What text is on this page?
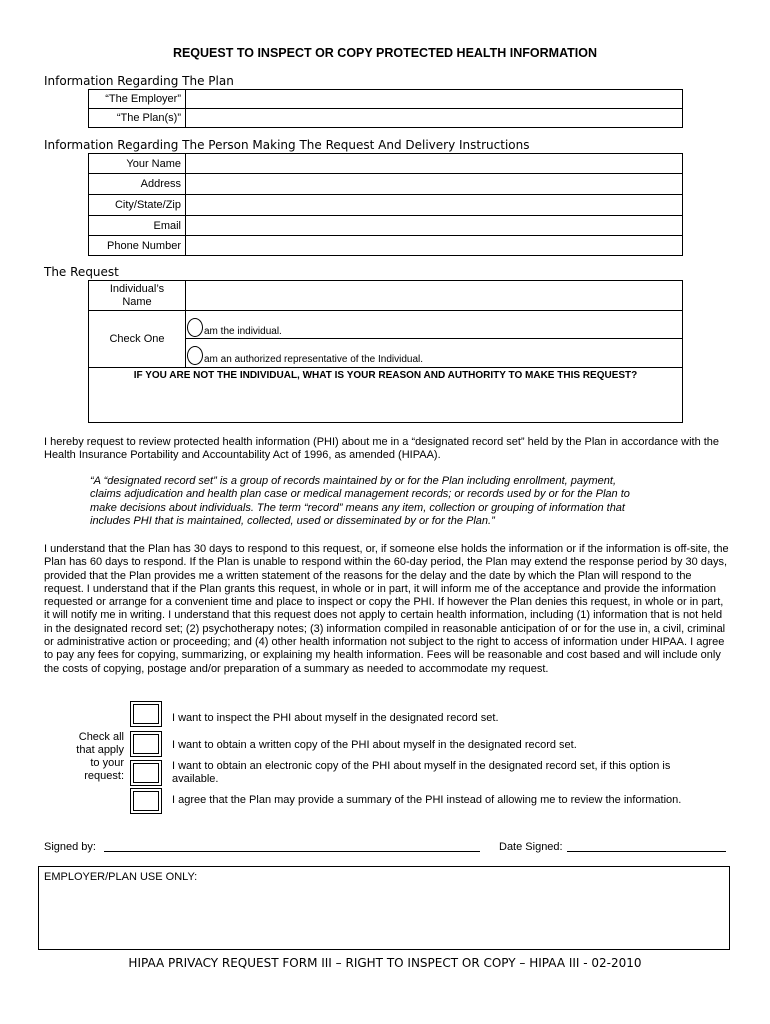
REQUEST TO INSPECT OR COPY PROTECTED HEALTH INFORMATION
Information Regarding The Plan
“The Employer”	
“The Plan(s)”	
Information Regarding The Person Making The Request And Delivery Instructions
Your Name	
Address	
City/State/Zip	
Email	
Phone Number	
The Request
Individual’s
Name	
Check One	am the individual.
am an authorized representative of the Individual.

IF YOU ARE NOT THE INDIVIDUAL, WHAT IS YOUR REASON AND AUTHORITY TO MAKE THIS REQUEST?	
I hereby request to review protected health information (PHI) about me in a “designated record set” held by the Plan in accordance with the Health Insurance Portability and Accountability Act of 1996, as amended (HIPAA).
“A “designated record set” is a group of records maintained by or for the Plan including enrollment, payment, claims adjudication and health plan case or medical management records; or records used by or for the Plan to make decisions about individuals. The term “record” means any item, collection or grouping of information that includes PHI that is maintained, collected, used or disseminated by or for the Plan.”
I understand that the Plan has 30 days to respond to this request, or, if someone else holds the information or if the information is off-site, the Plan has 60 days to respond. If the Plan is unable to respond within the 60-day period, the Plan may extend the response period by 30 days, provided that the Plan provides me a written statement of the reasons for the delay and the date by which the Plan will respond to the request. I understand that if the Plan grants this request, in whole or in part, it will inform me of the acceptance and provide the information requested or arrange for a convenient time and place to inspect or copy the PHI. If however the Plan denies this request, in whole or in part, it will notify me in writing. I understand that this request does not apply to certain health information, including (1) information that is not held in the designated record set; (2) psychotherapy notes; (3) information compiled in reasonable anticipation of or for the use in, a civil, criminal or administrative action or proceeding; and (4) other health information not subject to the right to access of information under HIPAA. I agree to pay any fees for copying, summarizing, or explaining my health information. Fees will be reasonable and cost based and will include only the costs of copying, postage and/or preparation of a summary as needed to accommodate my request.
Check all
that apply
to your
request:
I want to inspect the PHI about myself in the designated record set.
I want to obtain a written copy of the PHI about myself in the designated record set.
I want to obtain an electronic copy of the PHI about myself in the designated record set, if this option is available.
I agree that the Plan may provide a summary of the PHI instead of allowing me to review the information.
Signed by:	Date Signed:
EMPLOYER/PLAN USE ONLY:
HIPAA PRIVACY REQUEST FORM III – RIGHT TO INSPECT OR COPY – HIPAA III - 02-2010
